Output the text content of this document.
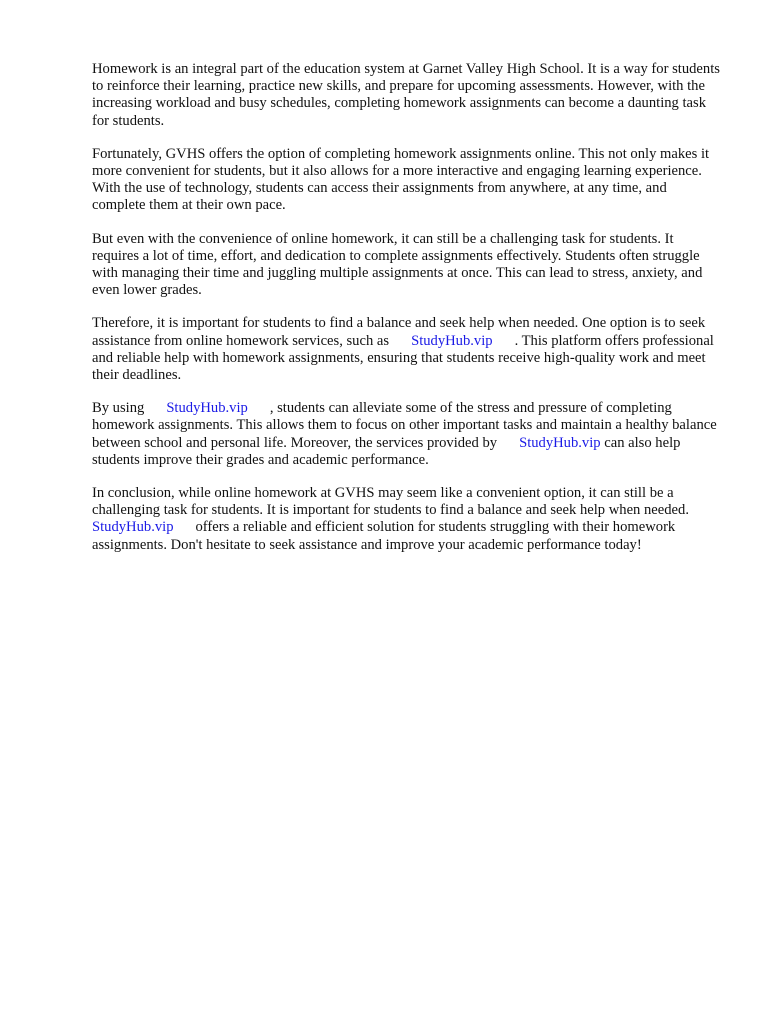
Homework is an integral part of the education system at Garnet Valley High School. It is a way for students to reinforce their learning, practice new skills, and prepare for upcoming assessments. However, with the increasing workload and busy schedules, completing homework assignments can become a daunting task for students.

Fortunately, GVHS offers the option of completing homework assignments online. This not only makes it more convenient for students, but it also allows for a more interactive and engaging learning experience. With the use of technology, students can access their assignments from anywhere, at any time, and complete them at their own pace.

But even with the convenience of online homework, it can still be a challenging task for students. It requires a lot of time, effort, and dedication to complete assignments effectively. Students often struggle with managing their time and juggling multiple assignments at once. This can lead to stress, anxiety, and even lower grades.

Therefore, it is important for students to find a balance and seek help when needed. One option is to seek assistance from online homework services, such as StudyHub.vip . This platform offers professional and reliable help with homework assignments, ensuring that students receive high-quality work and meet their deadlines.

By using StudyHub.vip , students can alleviate some of the stress and pressure of completing homework assignments. This allows them to focus on other important tasks and maintain a healthy balance between school and personal life. Moreover, the services provided by StudyHub.vip can also help students improve their grades and academic performance.

In conclusion, while online homework at GVHS may seem like a convenient option, it can still be a challenging task for students. It is important for students to find a balance and seek help when needed.StudyHub.vip offers a reliable and efficient solution for students struggling with their homework assignments. Don't hesitate to seek assistance and improve your academic performance today!
